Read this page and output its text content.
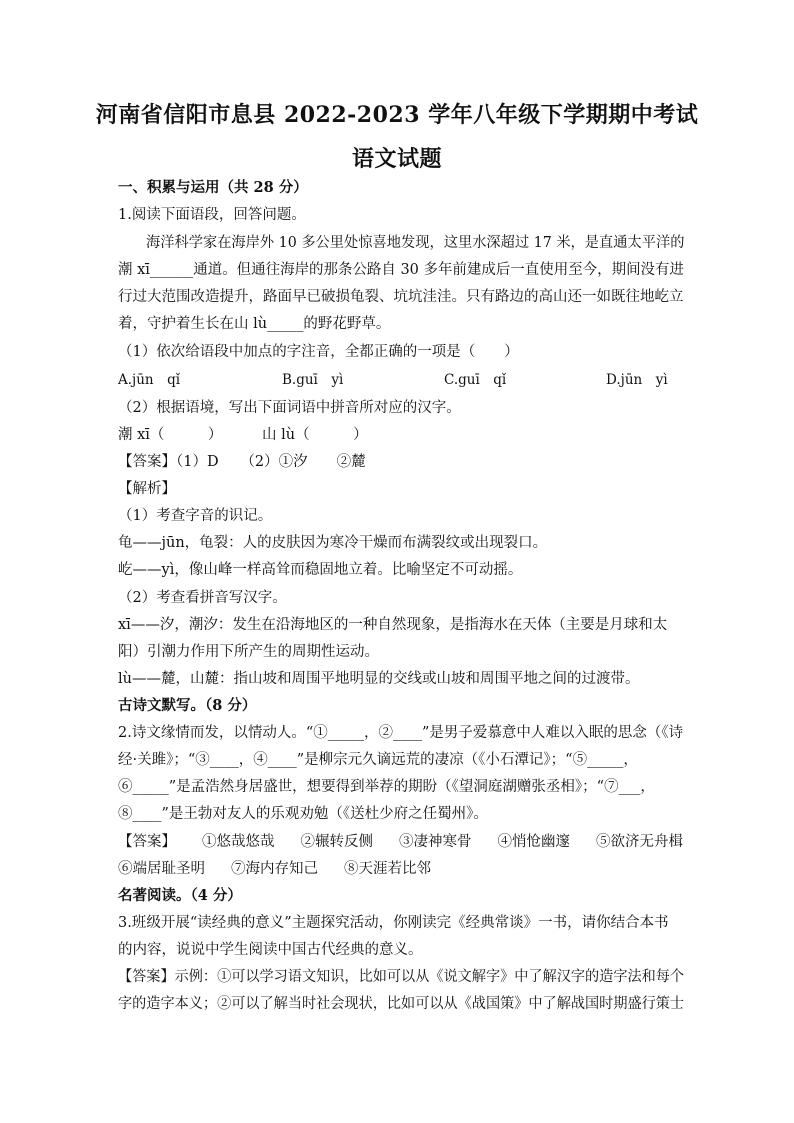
河南省信阳市息县 2022-2023 学年八年级下学期期中考试
语文试题
一、积累与运用（共 28 分）
1.阅读下面语段，回答问题。
海洋科学家在海岸外 10 多公里处惊喜地发现，这里水深超过 17 米，是直通太平洋的
潮 xī______通道。但通往海岸的那条公路自 30 多年前建成后一直使用至今，期间没有进
行过大范围改造提升，路面早已破损龟裂、坑坑洼洼。只有路边的高山还一如既往地屹立
着，守护着生长在山 lù_____的野花野草。
（1）依次给语段中加点的字注音，全都正确的一项是（　　）
A.jūn　qǐ	B.guī　yì	C.guī　qǐ	D.jūn　yì
（2）根据语境，写出下面词语中拼音所对应的汉字。
潮 xī（　　　）	山 lù（　　　）
【答案】（1）D　　（2）①汐　　②麓
【解析】
（1）考查字音的识记。
龟——jūn，龟裂：人的皮肤因为寒冷干燥而布满裂纹或出现裂口。
屹——yì，像山峰一样高耸而稳固地立着。比喻坚定不可动摇。
（2）考查看拼音写汉字。
xī——汐，潮汐：发生在沿海地区的一种自然现象，是指海水在天体（主要是月球和太
阳）引潮力作用下所产生的周期性运动。
lù——麓，山麓：指山坡和周围平地明显的交线或山坡和周围平地之间的过渡带。
古诗文默写。（8 分）
2.诗文缘情而发，以情动人。“①_____，②____”是男子爱慕意中人难以入眠的思念（《诗
经·关雎》；“③____，④____”是柳宗元久谪远荒的凄凉（《小石潭记》；“⑤_____，
⑥_____”是孟浩然身居盛世，想要得到举荐的期盼（《望洞庭湖赠张丞相》；“⑦___，
⑧____”是王勃对友人的乐观劝勉（《送杜少府之任蜀州》。
【答案】 ①悠哉悠哉 ②辗转反侧 ③凄神寒骨 ④悄怆幽邃 ⑤欲济无舟楫
⑥端居耻圣明 ⑦海内存知己 ⑧天涯若比邻
名著阅读。（4 分）
3.班级开展“读经典的意义”主题探究活动，你刚读完《经典常谈》一书，请你结合本书
的内容，说说中学生阅读中国古代经典的意义。
【答案】示例：①可以学习语文知识，比如可以从《说文解字》中了解汉字的造字法和每个
字的造字本义；②可以了解当时社会现状，比如可以从《战国策》中了解战国时期盛行策士
